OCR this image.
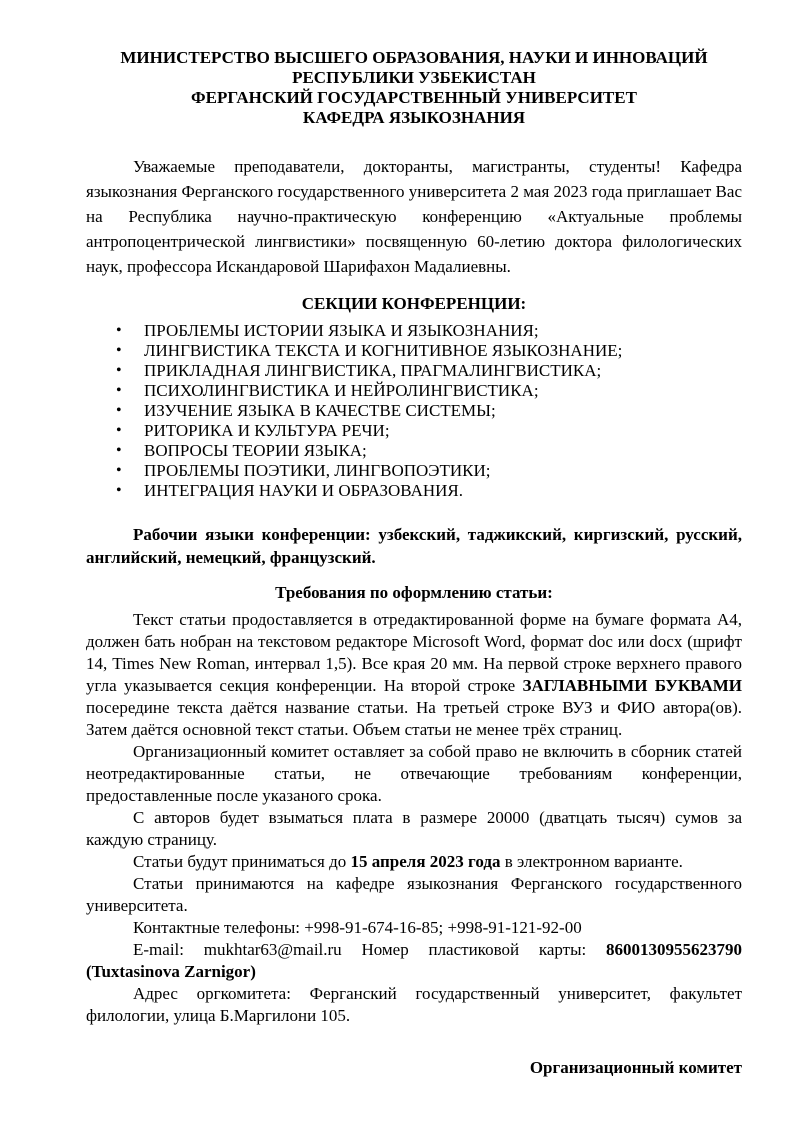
МИНИСТЕРСТВО ВЫСШЕГО ОБРАЗОВАНИЯ, НАУКИ И ИННОВАЦИЙ
РЕСПУБЛИКИ УЗБЕКИСТАН
ФЕРГАНСКИЙ ГОСУДАРСТВЕННЫЙ УНИВЕРСИТЕТ
КАФЕДРА ЯЗЫКОЗНАНИЯ

Уважаемые преподаватели, докторанты, магистранты, студенты! Кафедра языкознания Ферганского государственного университета 2 мая 2023 года приглашает Вас на Республика научно-практическую конференцию «Актуальные проблемы антропоцентрической лингвистики» посвященную 60-летию доктора филологических наук, профессора Искандаровой Шарифахон Мадалиевны.

СЕКЦИИ КОНФЕРЕНЦИИ:
• ПРОБЛЕМЫ ИСТОРИИ ЯЗЫКА И ЯЗЫКОЗНАНИЯ;
• ЛИНГВИСТИКА ТЕКСТА И КОГНИТИВНОЕ ЯЗЫКОЗНАНИЕ;
• ПРИКЛАДНАЯ ЛИНГВИСТИКА, ПРАГМАЛИНГВИСТИКА;
• ПСИХОЛИНГВИСТИКА И НЕЙРОЛИНГВИСТИКА;
• ИЗУЧЕНИЕ ЯЗЫКА В КАЧЕСТВЕ СИСТЕМЫ;
• РИТОРИКА И КУЛЬТУРА РЕЧИ;
• ВОПРОСЫ ТЕОРИИ ЯЗЫКА;
• ПРОБЛЕМЫ ПОЭТИКИ, ЛИНГВОПОЭТИКИ;
• ИНТЕГРАЦИЯ НАУКИ И ОБРАЗОВАНИЯ.

Рабочии языки конференции: узбекский, таджикский, киргизский, русский, английский, немецкий, французский.

Требования по оформлению статьи:

Текст статьи продоставляется в отредактированной форме на бумаге формата А4, должен бать нобран на текстовом редакторе Microsoft Word, формат doc или docx (шрифт 14, Times New Roman, интервал 1,5). Все края 20 мм. На первой строке верхнего правого угла указывается секция конференции. На второй строке ЗАГЛАВНЫМИ БУКВАМИ посередине текста даётся название статьи. На третьей строке ВУЗ и ФИО автора(ов). Затем даётся основной текст статьи. Объем статьи не менее трёх страниц.

Организационный комитет оставляет за собой право не включить в сборник статей неотредактированные статьи, не отвечающие требованиям конференции, предоставленные после указаного срока.

С авторов будет взыматься плата в размере 20000 (дватцать тысяч) сумов за каждую страницу.

Статьи будут приниматься до 15 апреля 2023 года в электронном варианте.

Статьи принимаются на кафедре языкознания Ферганского государственного университета.

Контактные телефоны: +998-91-674-16-85; +998-91-121-92-00

E-mail: mukhtar63@mail.ru Номер пластиковой карты: 8600130955623790 (Tuxtasinova Zarnigor)

Адрес оргкомитета: Ферганский государственный университет, факультет филологии, улица Б.Маргилони 105.

Организационный комитет
